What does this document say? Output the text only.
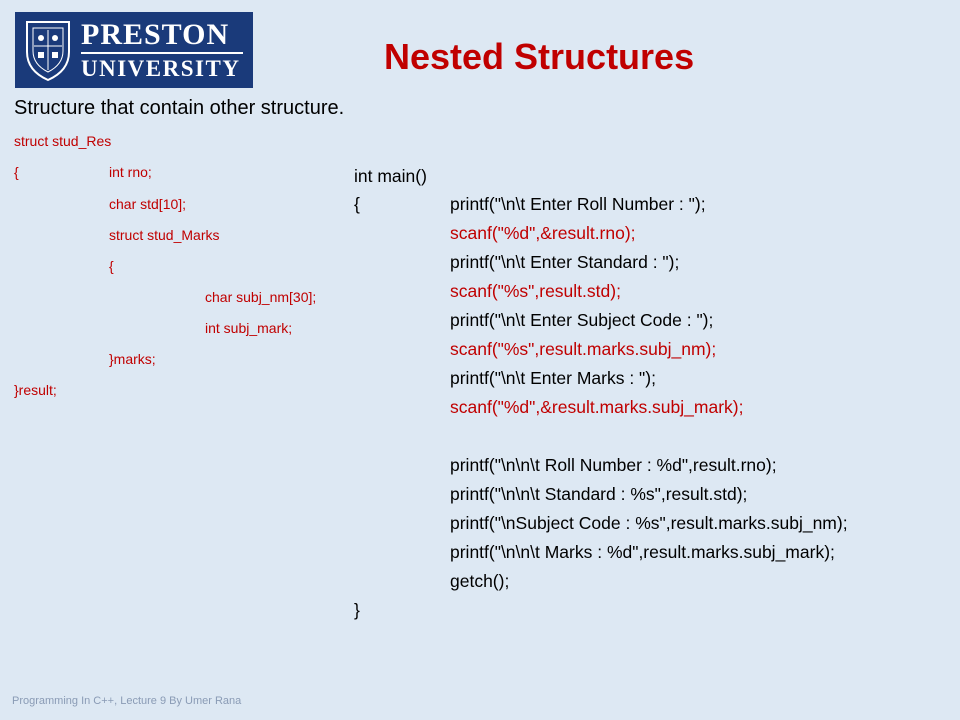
PRESTON
UNIVERSITY	Nested Structures
Structure that contain other structure.
struct stud_Res
{	int rno;
char std[10];
struct stud_Marks
{
char subj_nm[30];
int subj_mark;
}marks;
}result;
int main()
{	printf("\n\t Enter Roll Number : ");
scanf("%d",&result.rno);
printf("\n\t Enter Standard : ");
scanf("%s",result.std);
printf("\n\t Enter Subject Code : ");
scanf("%s",result.marks.subj_nm);
printf("\n\t Enter Marks : ");
scanf("%d",&result.marks.subj_mark);
printf("\n\n\t Roll Number : %d",result.rno);
printf("\n\n\t Standard : %s",result.std);
printf("\nSubject Code : %s",result.marks.subj_nm);
printf("\n\n\t Marks : %d",result.marks.subj_mark);
getch();
}
Programming In C++, Lecture 9 By Umer Rana
